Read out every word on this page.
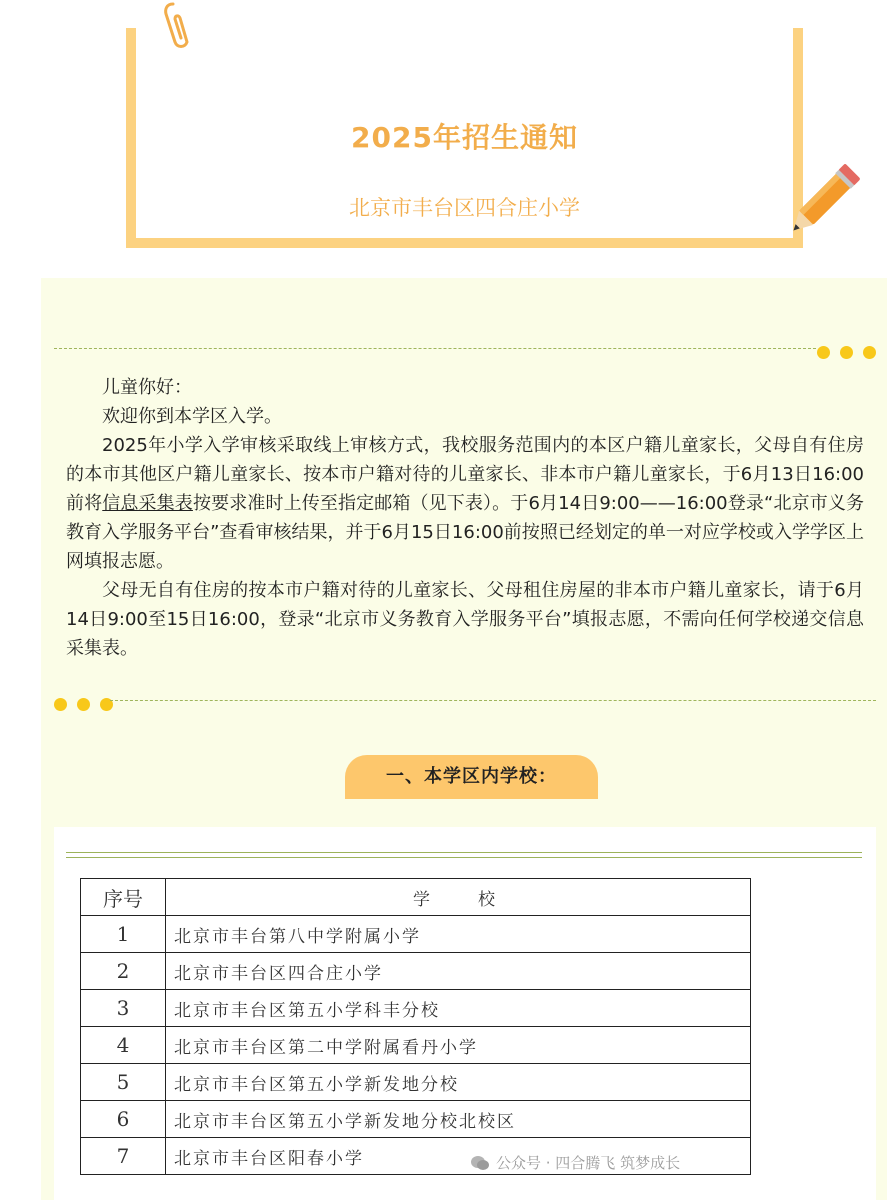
2025年招生通知
北京市丰台区四合庄小学

儿童你好：

欢迎你到本学区入学。

2025年小学入学审核采取线上审核方式，我校服务范围内的本区户籍儿童家长，父母自有住房的本市其他区户籍儿童家长、按本市户籍对待的儿童家长、非本市户籍儿童家长，于6月13日16:00前将信息采集表按要求准时上传至指定邮箱（见下表）。于6月14日9:00——16:00登录“北京市义务教育入学服务平台”查看审核结果，并于6月15日16:00前按照已经划定的单一对应学校或入学学区上网填报志愿。

父母无自有住房的按本市户籍对待的儿童家长、父母租住房屋的非本市户籍儿童家长，请于6月14日9:00至15日16:00，登录“北京市义务教育入学服务平台”填报志愿，不需向任何学校递交信息采集表。

一、本学区内学校：
序号	学校
1	北京市丰台第八中学附属小学
2	北京市丰台区四合庄小学
3	北京市丰台区第五小学科丰分校
4	北京市丰台区第二中学附属看丹小学
5	北京市丰台区第五小学新发地分校
6	北京市丰台区第五小学新发地分校北校区
7	北京市丰台区阳春小学	公众号 · 四合腾飞 筑梦成长
